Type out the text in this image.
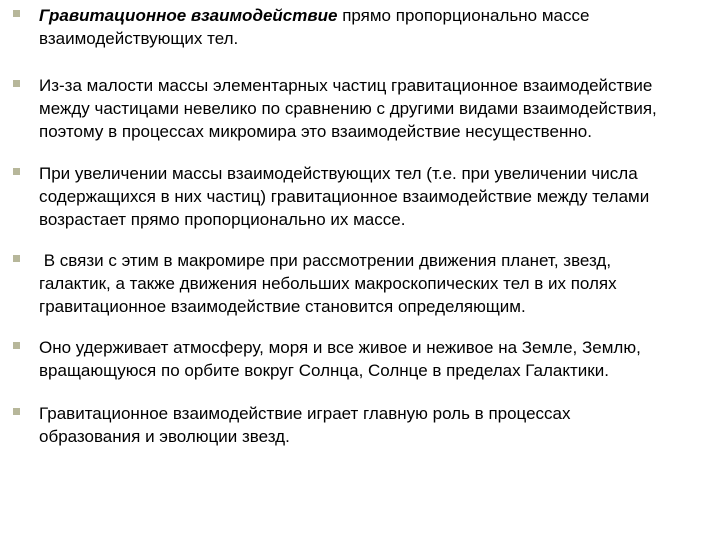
Гравитационное взаимодействие прямо пропорционально массе
взаимодействующих тел.
Из-за малости массы элементарных частиц гравитационное взаимодействие
между частицами невелико по сравнению с другими видами взаимодействия,
поэтому в процессах микромира это взаимодействие несущественно.
При увеличении массы взаимодействующих тел (т.е. при увеличении числа
содержащихся в них частиц) гравитационное взаимодействие между телами
возрастает прямо пропорционально их массе.
В связи с этим в макромире при рассмотрении движения планет, звезд,
галактик, а также движения небольших макроскопических тел в их полях
гравитационное взаимодействие становится определяющим.
Оно удерживает атмосферу, моря и все живое и неживое на Земле, Землю,
вращающуюся по орбите вокруг Солнца, Солнце в пределах Галактики.
Гравитационное взаимодействие играет главную роль в процессах
образования и эволюции звезд.
